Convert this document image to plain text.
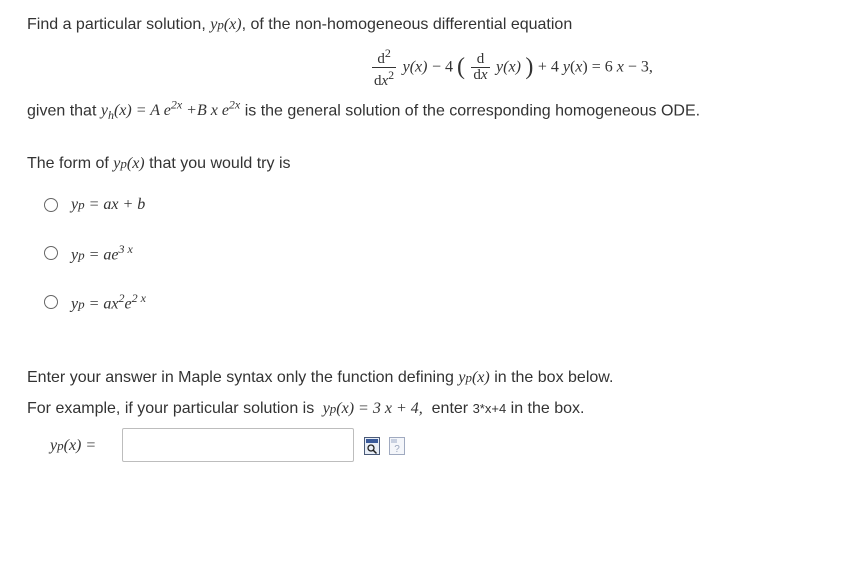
Find a particular solution, yp(x), of the non-homogeneous differential equation
$\frac{d^2}{dx^2} y(x) - 4$ ( $\frac{d}{dx} y(x)$ ) + 4 y(x) = 6 x − 3,
given that $y_h(x) = A$ $e^{2x} +B$ x $e^{2x}$ is the general solution of the corresponding homogeneous ODE.
The form of yp(x) that you would try is
yp = ax + b
yp = $ae^{3 x}$
yp = $ax^2e^{2 x}$
Enter your answer in Maple syntax only the function defining yp(x) in the box below.
For example, if your particular solution is  yp(x) = 3 x + 4, enter 3*x+4 in the box.
yp(x) =	?
